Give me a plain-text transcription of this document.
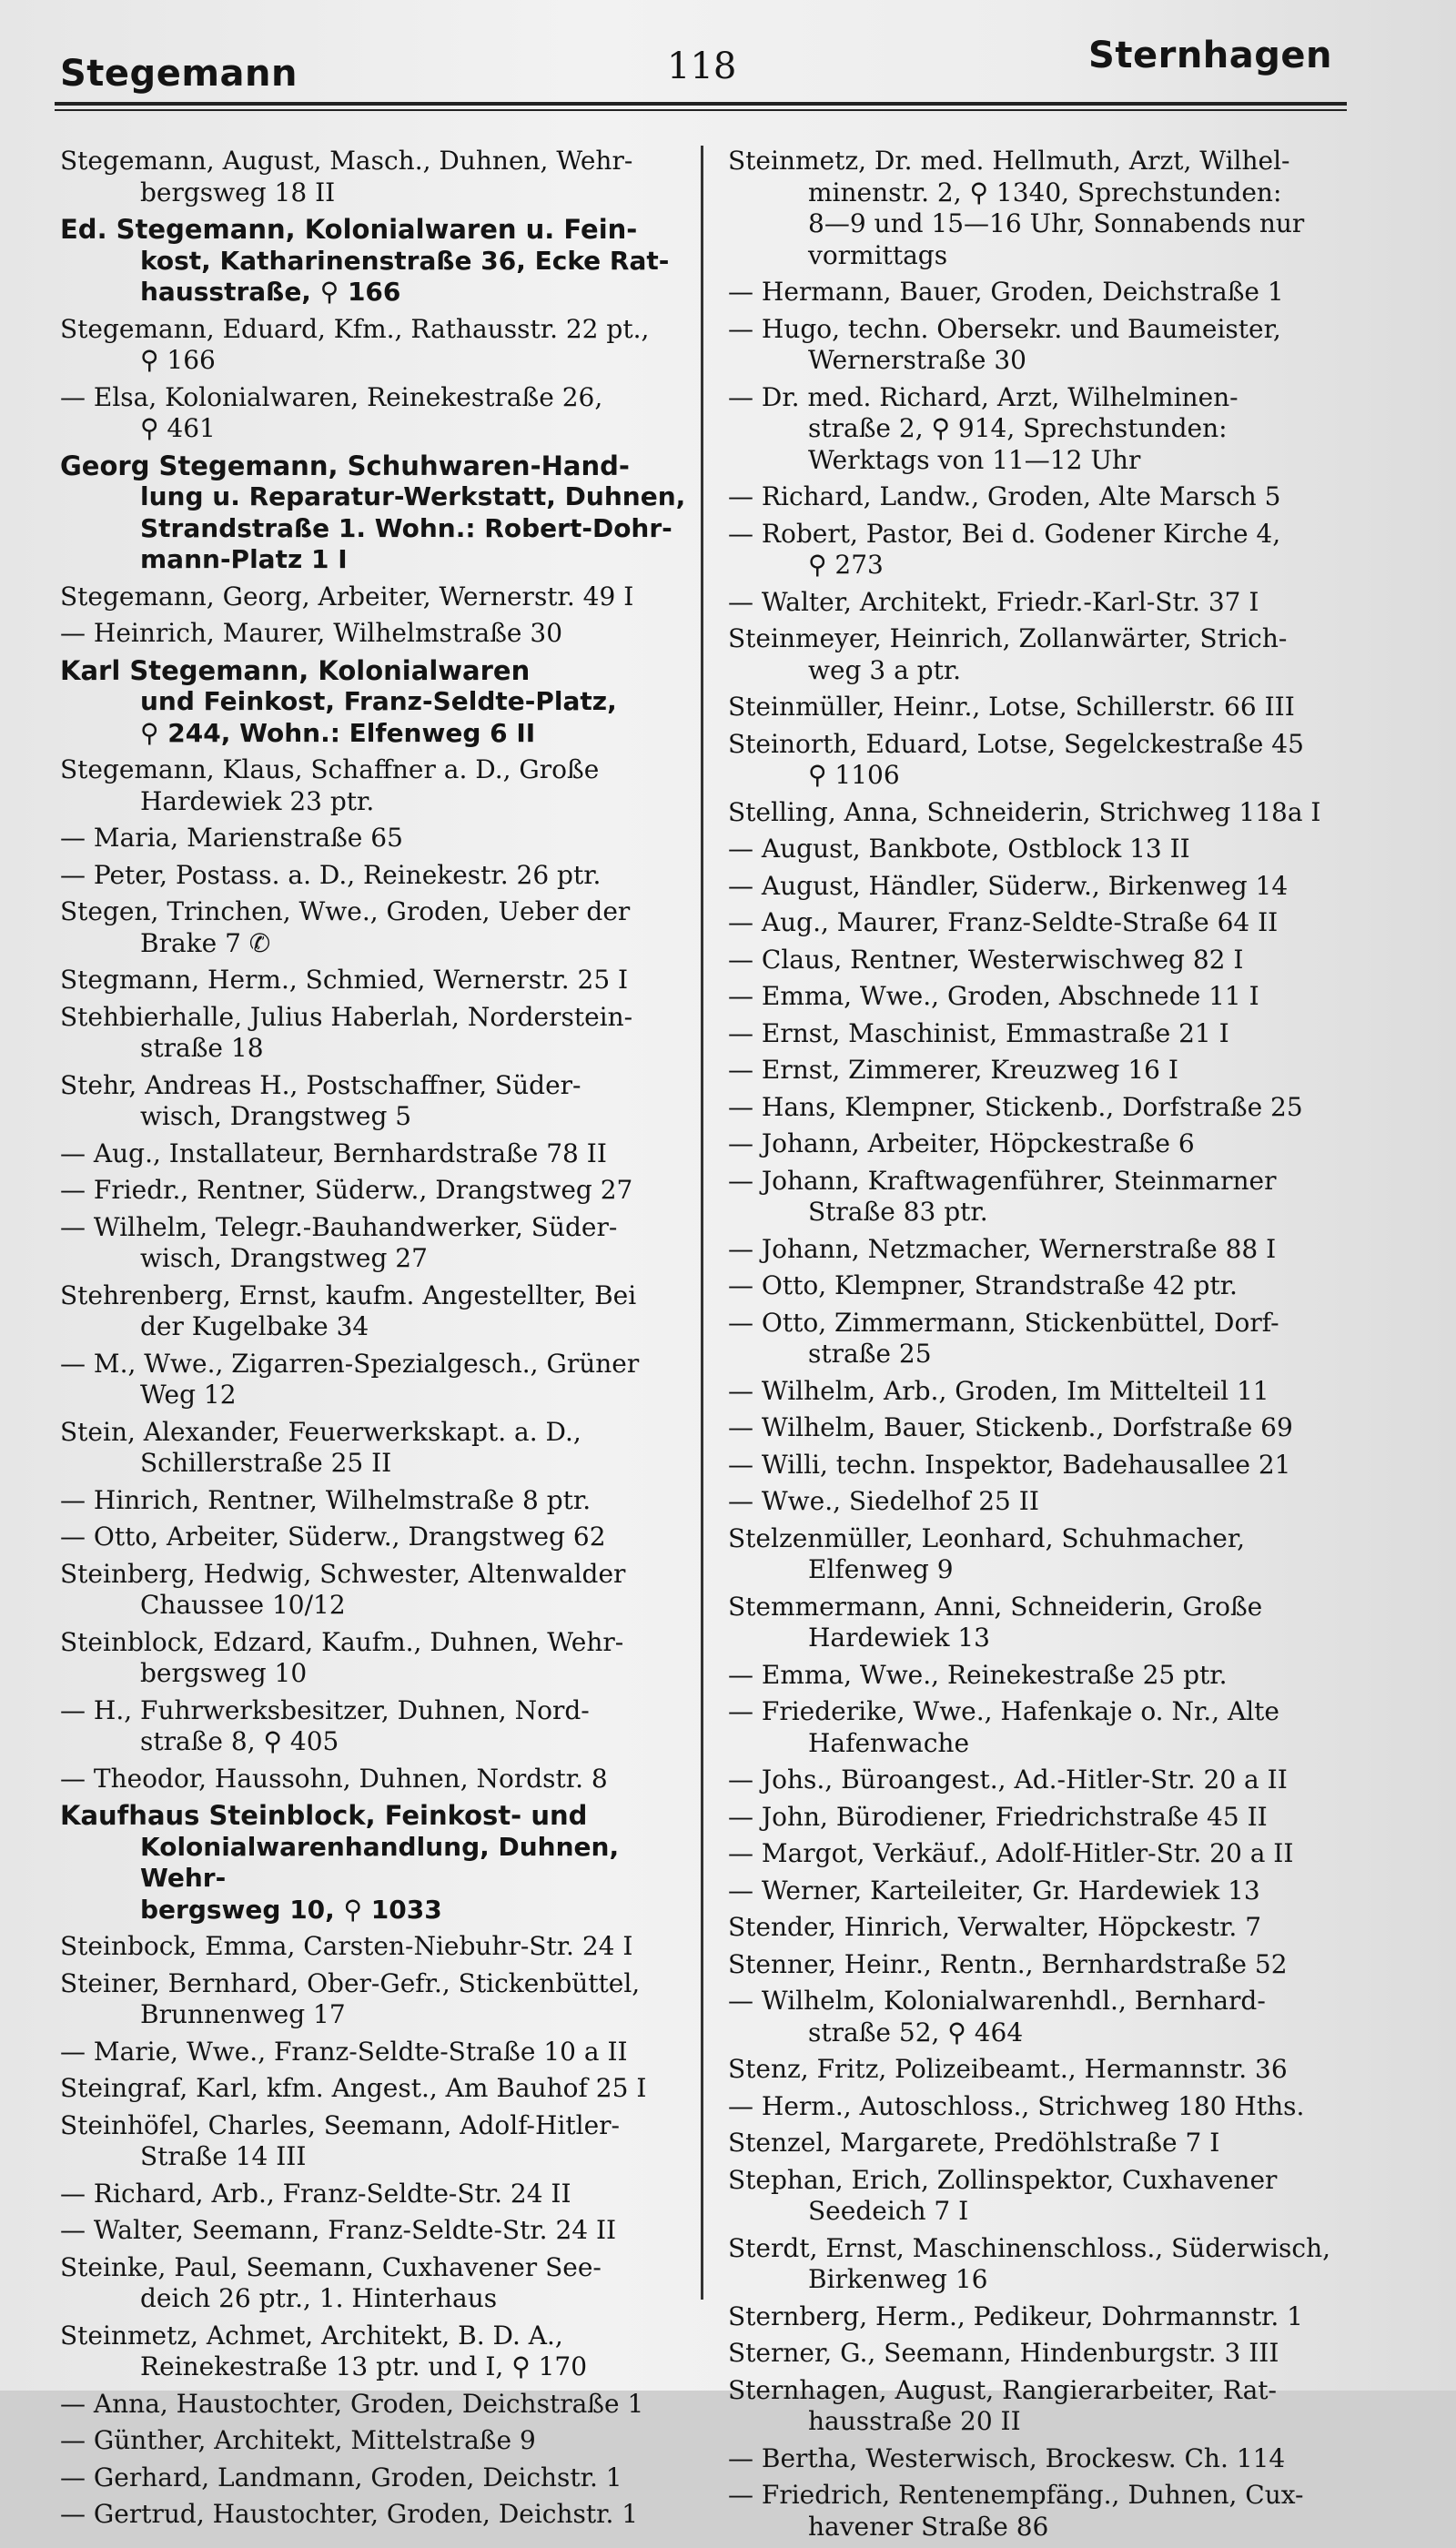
Stegemann	118	Sternhagen
Stegemann, August, Masch., Duhnen, Wehr-
bergsweg 18 II
Ed. Stegemann, Kolonialwaren u. Fein-
kost, Katharinenstraße 36, Ecke Rat-
hausstraße, ⚲ 166
Stegemann, Eduard, Kfm., Rathausstr. 22 pt.,
⚲ 166
— Elsa, Kolonialwaren, Reinekestraße 26,
⚲ 461
Georg Stegemann, Schuhwaren-Hand-
lung u. Reparatur-Werkstatt, Duhnen,
Strandstraße 1. Wohn.: Robert-Dohr-
mann-Platz 1 I
Stegemann, Georg, Arbeiter, Wernerstr. 49 I
— Heinrich, Maurer, Wilhelmstraße 30
Karl Stegemann, Kolonialwaren
und Feinkost, Franz-Seldte-Platz,
⚲ 244, Wohn.: Elfenweg 6 II
Stegemann, Klaus, Schaffner a. D., Große
Hardewiek 23 ptr.
— Maria, Marienstraße 65
— Peter, Postass. a. D., Reinekestr. 26 ptr.
Stegen, Trinchen, Wwe., Groden, Ueber der
Brake 7 ✆
Stegmann, Herm., Schmied, Wernerstr. 25 I
Stehbierhalle, Julius Haberlah, Norderstein-
straße 18
Stehr, Andreas H., Postschaffner, Süder-
wisch, Drangstweg 5
— Aug., Installateur, Bernhardstraße 78 II
— Friedr., Rentner, Süderw., Drangstweg 27
— Wilhelm, Telegr.-Bauhandwerker, Süder-
wisch, Drangstweg 27
Stehrenberg, Ernst, kaufm. Angestellter, Bei
der Kugelbake 34
— M., Wwe., Zigarren-Spezialgesch., Grüner
Weg 12
Stein, Alexander, Feuerwerkskapt. a. D.,
Schillerstraße 25 II
— Hinrich, Rentner, Wilhelmstraße 8 ptr.
— Otto, Arbeiter, Süderw., Drangstweg 62
Steinberg, Hedwig, Schwester, Altenwalder
Chaussee 10/12
Steinblock, Edzard, Kaufm., Duhnen, Wehr-
bergsweg 10
— H., Fuhrwerksbesitzer, Duhnen, Nord-
straße 8, ⚲ 405
— Theodor, Haussohn, Duhnen, Nordstr. 8
Kaufhaus Steinblock, Feinkost- und
Kolonialwarenhandlung, Duhnen, Wehr-
bergsweg 10, ⚲ 1033
Steinbock, Emma, Carsten-Niebuhr-Str. 24 I
Steiner, Bernhard, Ober-Gefr., Stickenbüttel,
Brunnenweg 17
— Marie, Wwe., Franz-Seldte-Straße 10 a II
Steingraf, Karl, kfm. Angest., Am Bauhof 25 I
Steinhöfel, Charles, Seemann, Adolf-Hitler-
Straße 14 III
— Richard, Arb., Franz-Seldte-Str. 24 II
— Walter, Seemann, Franz-Seldte-Str. 24 II
Steinke, Paul, Seemann, Cuxhavener See-
deich 26 ptr., 1. Hinterhaus
Steinmetz, Achmet, Architekt, B. D. A.,
Reinekestraße 13 ptr. und I, ⚲ 170
— Anna, Haustochter, Groden, Deichstraße 1
— Günther, Architekt, Mittelstraße 9
— Gerhard, Landmann, Groden, Deichstr. 1
— Gertrud, Haustochter, Groden, Deichstr. 1
Steinmetz, Dr. med. Hellmuth, Arzt, Wilhel-
minenstr. 2, ⚲ 1340, Sprechstunden:
8—9 und 15—16 Uhr, Sonnabends nur
vormittags
— Hermann, Bauer, Groden, Deichstraße 1
— Hugo, techn. Obersekr. und Baumeister,
Wernerstraße 30
— Dr. med. Richard, Arzt, Wilhelminen-
straße 2, ⚲ 914, Sprechstunden:
Werktags von 11—12 Uhr
— Richard, Landw., Groden, Alte Marsch 5
— Robert, Pastor, Bei d. Godener Kirche 4,
⚲ 273
— Walter, Architekt, Friedr.-Karl-Str. 37 I
Steinmeyer, Heinrich, Zollanwärter, Strich-
weg 3 a ptr.
Steinmüller, Heinr., Lotse, Schillerstr. 66 III
Steinorth, Eduard, Lotse, Segelckestraße 45
⚲ 1106
Stelling, Anna, Schneiderin, Strichweg 118a I
— August, Bankbote, Ostblock 13 II
— August, Händler, Süderw., Birkenweg 14
— Aug., Maurer, Franz-Seldte-Straße 64 II
— Claus, Rentner, Westerwischweg 82 I
— Emma, Wwe., Groden, Abschnede 11 I
— Ernst, Maschinist, Emmastraße 21 I
— Ernst, Zimmerer, Kreuzweg 16 I
— Hans, Klempner, Stickenb., Dorfstraße 25
— Johann, Arbeiter, Höpckestraße 6
— Johann, Kraftwagenführer, Steinmarner
Straße 83 ptr.
— Johann, Netzmacher, Wernerstraße 88 I
— Otto, Klempner, Strandstraße 42 ptr.
— Otto, Zimmermann, Stickenbüttel, Dorf-
straße 25
— Wilhelm, Arb., Groden, Im Mittelteil 11
— Wilhelm, Bauer, Stickenb., Dorfstraße 69
— Willi, techn. Inspektor, Badehausallee 21
— Wwe., Siedelhof 25 II
Stelzenmüller, Leonhard, Schuhmacher,
Elfenweg 9
Stemmermann, Anni, Schneiderin, Große
Hardewiek 13
— Emma, Wwe., Reinekestraße 25 ptr.
— Friederike, Wwe., Hafenkaje o. Nr., Alte
Hafenwache
— Johs., Büroangest., Ad.-Hitler-Str. 20 a II
— John, Bürodiener, Friedrichstraße 45 II
— Margot, Verkäuf., Adolf-Hitler-Str. 20 a II
— Werner, Karteileiter, Gr. Hardewiek 13
Stender, Hinrich, Verwalter, Höpckestr. 7
Stenner, Heinr., Rentn., Bernhardstraße 52
— Wilhelm, Kolonialwarenhdl., Bernhard-
straße 52, ⚲ 464
Stenz, Fritz, Polizeibeamt., Hermannstr. 36
— Herm., Autoschloss., Strichweg 180 Hths.
Stenzel, Margarete, Predöhlstraße 7 I
Stephan, Erich, Zollinspektor, Cuxhavener
Seedeich 7 I
Sterdt, Ernst, Maschinenschloss., Süderwisch,
Birkenweg 16
Sternberg, Herm., Pedikeur, Dohrmannstr. 1
Sterner, G., Seemann, Hindenburgstr. 3 III
Sternhagen, August, Rangierarbeiter, Rat-
hausstraße 20 II
— Bertha, Westerwisch, Brockesw. Ch. 114
— Friedrich, Rentenempfäng., Duhnen, Cux-
havener Straße 86
